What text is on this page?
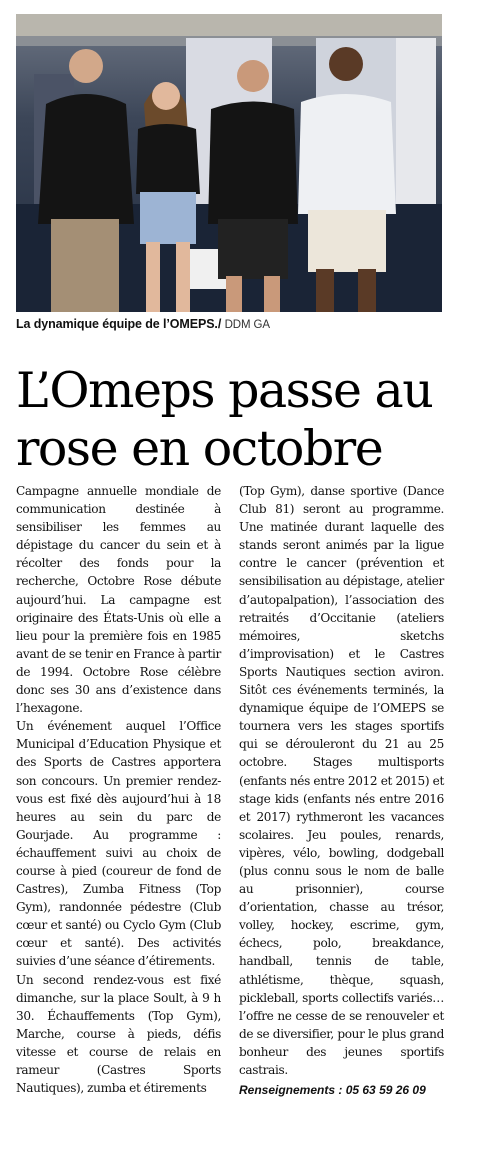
La dynamique équipe de l’OMEPS./ DDM GA
L’Omeps passe au
rose en octobre

Campagne annuelle mondiale de communication destinée à sensibiliser les femmes au dépistage du cancer du sein et à récolter des fonds pour la recherche, Octobre Rose débute aujourd’hui. La campagne est originaire des États-Unis où elle a lieu pour la première fois en 1985 avant de se tenir en France à partir de 1994. Octobre Rose célèbre donc ses 30 ans d’existence dans l’hexagone.

Un événement auquel l’Office Municipal d’Education Physique et des Sports de Castres apportera son concours. Un premier rendez-vous est fixé dès aujourd’hui à 18 heures au sein du parc de Gourjade. Au programme : échauffement suivi au choix de course à pied (coureur de fond de Castres), Zumba Fitness (Top Gym), randonnée pédestre (Club cœur et santé) ou Cyclo Gym (Club cœur et santé). Des activités suivies d’une séance d’étirements.

Un second rendez-vous est fixé dimanche, sur la place Soult, à 9 h 30. Échauffements (Top Gym), Marche, course à pieds, défis vitesse et course de relais en rameur (Castres Sports Nautiques), zumba et étirements

(Top Gym), danse sportive (Dance Club 81) seront au programme. Une matinée durant laquelle des stands seront animés par la ligue contre le cancer (prévention et sensibilisation au dépistage, atelier d’autopalpation), l’association des retraités d’Occitanie (ateliers mémoires, sketchs d’improvisation) et le Castres Sports Nautiques section aviron. Sitôt ces événements terminés, la dynamique équipe de l’OMEPS se tournera vers les stages sportifs qui se dérouleront du 21 au 25 octobre. Stages multisports (enfants nés entre 2012 et 2015) et stage kids (enfants nés entre 2016 et 2017) rythmeront les vacances scolaires. Jeu poules, renards, vipères, vélo, bowling, dodgeball (plus connu sous le nom de balle au prisonnier), course d’orientation, chasse au trésor, volley, hockey, escrime, gym, échecs, polo, breakdance, handball, tennis de table, athlétisme, thèque, squash, pickleball, sports collectifs variés… l’offre ne cesse de se renouveler et de se diversifier, pour le plus grand bonheur des jeunes sportifs castrais.

Renseignements : 05 63 59 26 09
